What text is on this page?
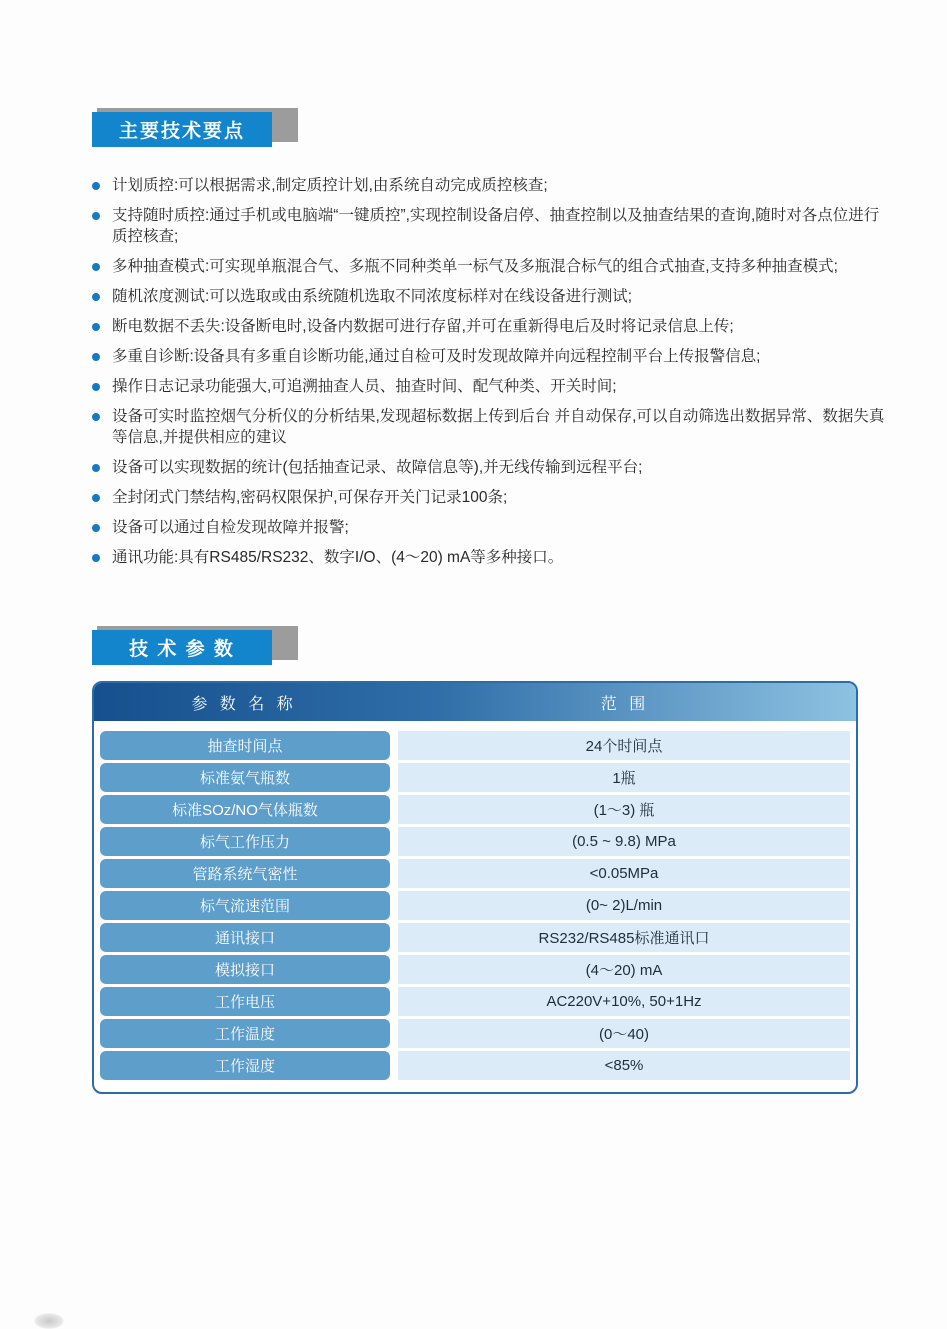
主要技术要点
计划质控:可以根据需求,制定质控计划,由系统自动完成质控核查;
支持随时质控:通过手机或电脑端“一键质控”,实现控制设备启停、抽查控制以及抽查结果的查询,随时对各点位进行质控核查;
多种抽查模式:可实现单瓶混合气、多瓶不同种类单一标气及多瓶混合标气的组合式抽查,支持多种抽查模式;
随机浓度测试:可以选取或由系统随机选取不同浓度标样对在线设备进行测试;
断电数据不丢失:设备断电时,设备内数据可进行存留,并可在重新得电后及时将记录信息上传;
多重自诊断:设备具有多重自诊断功能,通过自检可及时发现故障并向远程控制平台上传报警信息;
操作日志记录功能强大,可追溯抽查人员、抽查时间、配气种类、开关时间;
设备可实时监控烟气分析仪的分析结果,发现超标数据上传到后台 并自动保存,可以自动筛选出数据异常、数据失真等信息,并提供相应的建议
设备可以实现数据的统计(包括抽查记录、故障信息等),并无线传输到远程平台;
全封闭式门禁结构,密码权限保护,可保存开关门记录100条;
设备可以通过自检发现故障并报警;
通讯功能:具有RS485/RS232、数字I/O、(4～20) mA等多种接口。
技 术 参 数
参 数 名 称	范 围
抽查时间点	24个时间点
标准氨气瓶数	1瓶
标准SOz/NO气体瓶数	(1～3) 瓶
标气工作压力	(0.5 ~ 9.8) MPa
管路系统气密性	<0.05MPa
标气流速范围	(0~ 2)L/min
通讯接口	RS232/RS485标准通讯口
模拟接口	(4～20) mA
工作电压	AC220V+10%, 50+1Hz
工作温度	(0～40)
工作湿度	<85%
